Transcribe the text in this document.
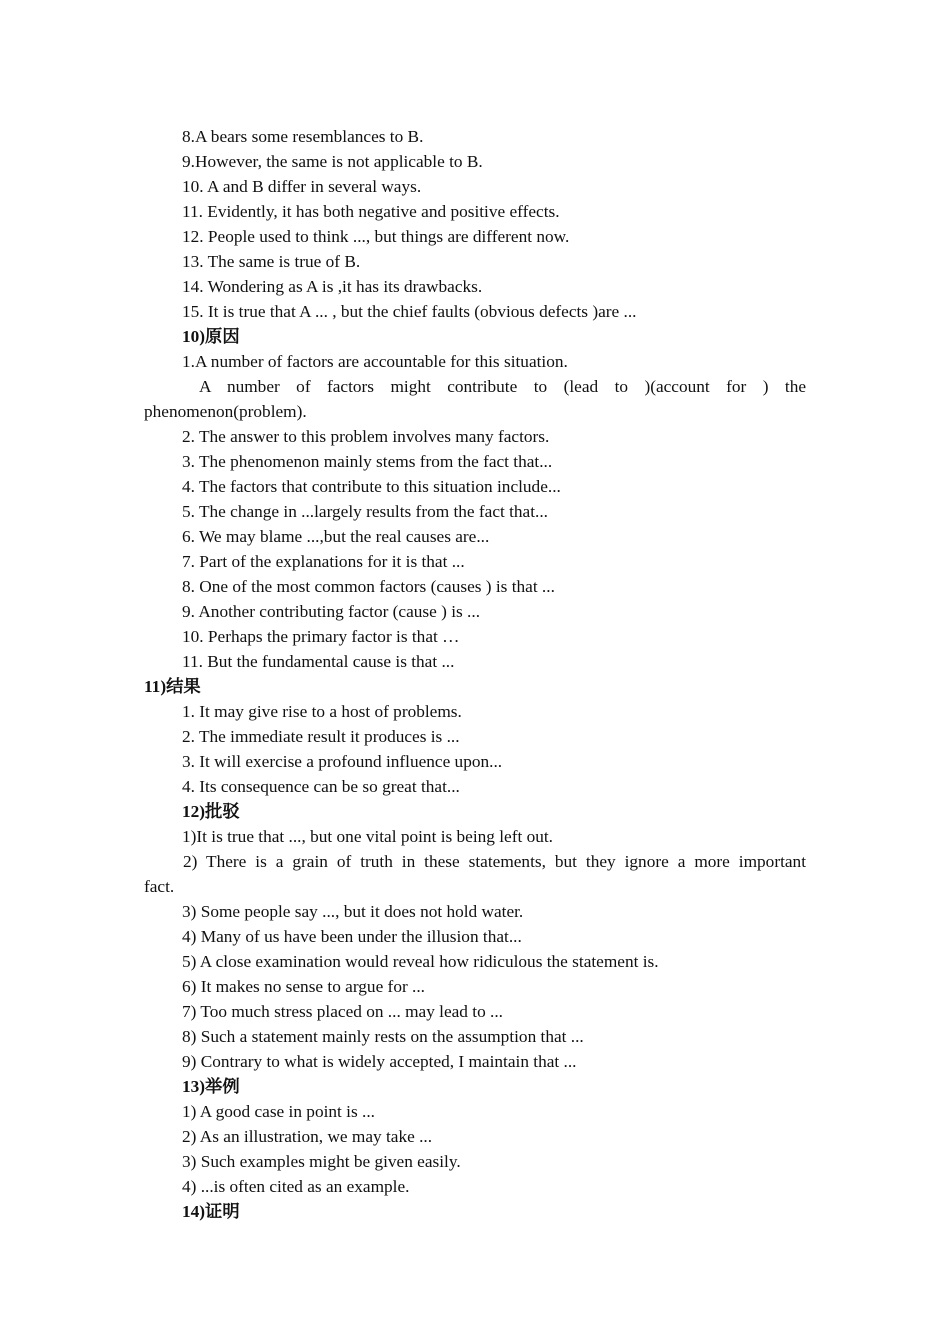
8.A bears some resemblances to B.
9.However, the same is not applicable to B.
10. A and B differ in several ways.
11. Evidently, it has both negative and positive effects.
12. People used to think ..., but things are different now.
13. The same is true of B.
14. Wondering as A is ,it has its drawbacks.
15. It is true that A ... , but the chief faults (obvious defects )are ...
10)原因
1.A number of factors are accountable for this situation.
A number of factors might contribute to (lead to )(account for ) the
phenomenon(problem).
2. The answer to this problem involves many factors.
3. The phenomenon mainly stems from the fact that...
4. The factors that contribute to this situation include...
5. The change in ...largely results from the fact that...
6. We may blame ...,but the real causes are...
7. Part of the explanations for it is that ...
8. One of the most common factors (causes ) is that ...
9. Another contributing factor (cause ) is ...
10. Perhaps the primary factor is that …
11. But the fundamental cause is that ...
11)结果
1. It may give rise to a host of problems.
2. The immediate result it produces is ...
3. It will exercise a profound influence upon...
4. Its consequence can be so great that...
12)批驳
1)It is true that ..., but one vital point is being left out.
2) There is a grain of truth in these statements, but they ignore a more important
fact.
3) Some people say ..., but it does not hold water.
4) Many of us have been under the illusion that...
5) A close examination would reveal how ridiculous the statement is.
6) It makes no sense to argue for ...
7) Too much stress placed on ... may lead to ...
8) Such a statement mainly rests on the assumption that ...
9) Contrary to what is widely accepted, I maintain that ...
13)举例
1) A good case in point is ...
2) As an illustration, we may take ...
3) Such examples might be given easily.
4) ...is often cited as an example.
14)证明
